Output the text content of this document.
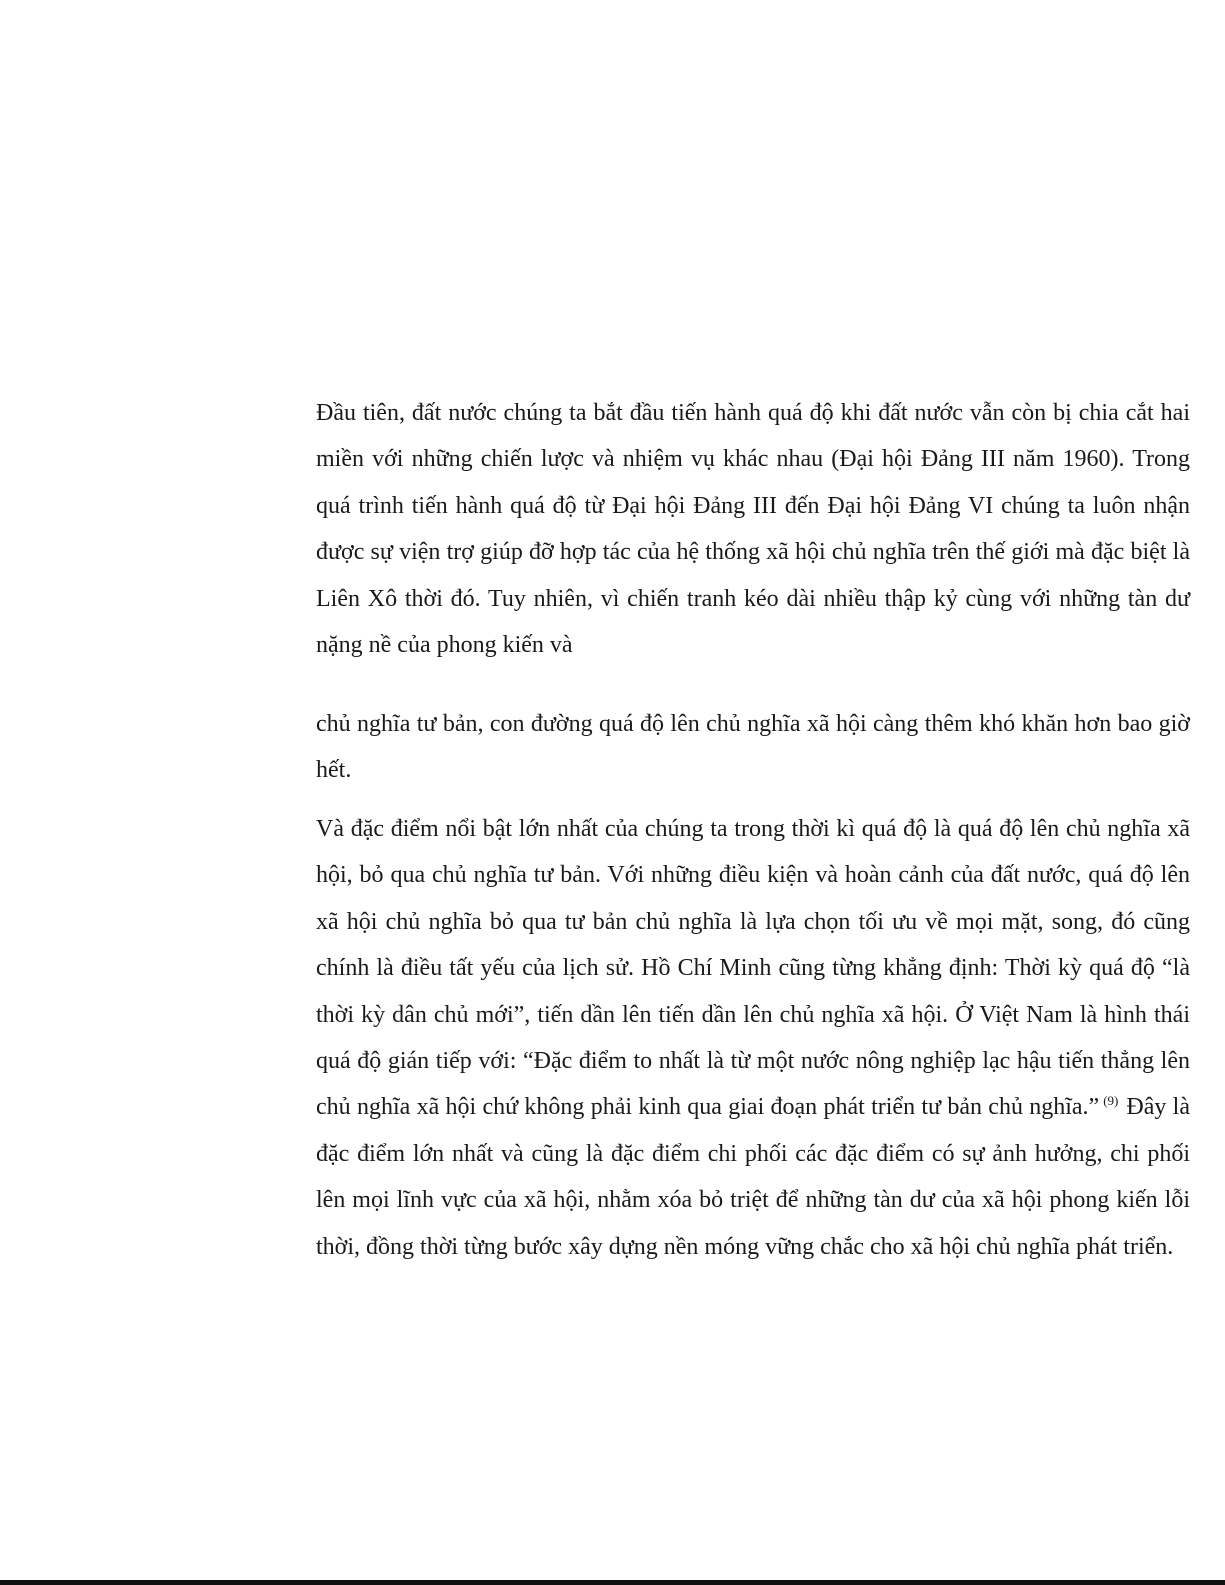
Đầu tiên, đất nước chúng ta bắt đầu tiến hành quá độ khi đất nước vẫn còn bị chia cắt hai miền với những chiến lược và nhiệm vụ khác nhau (Đại hội Đảng III năm 1960). Trong quá trình tiến hành quá độ từ Đại hội Đảng III đến Đại hội Đảng VI chúng ta luôn nhận được sự viện trợ giúp đỡ hợp tác của hệ thống xã hội chủ nghĩa trên thế giới mà đặc biệt là Liên Xô thời đó. Tuy nhiên, vì chiến tranh kéo dài nhiều thập kỷ cùng với những tàn dư nặng nề của phong kiến và

chủ nghĩa tư bản, con đường quá độ lên chủ nghĩa xã hội càng thêm khó khăn hơn bao giờ hết.

Và đặc điểm nổi bật lớn nhất của chúng ta trong thời kì quá độ là quá độ lên chủ nghĩa xã hội, bỏ qua chủ nghĩa tư bản. Với những điều kiện và hoàn cảnh của đất nước, quá độ lên xã hội chủ nghĩa bỏ qua tư bản chủ nghĩa là lựa chọn tối ưu về mọi mặt, song, đó cũng chính là điều tất yếu của lịch sử. Hồ Chí Minh cũng từng khẳng định: Thời kỳ quá độ “là thời kỳ dân chủ mới”, tiến dần lên tiến dần lên chủ nghĩa xã hội. Ở Việt Nam là hình thái quá độ gián tiếp với: “Đặc điểm to nhất là từ một nước nông nghiệp lạc hậu tiến thẳng lên chủ nghĩa xã hội chứ không phải kinh qua giai đoạn phát triển tư bản chủ nghĩa.” $^{(9)}$ Đây là đặc điểm lớn nhất và cũng là đặc điểm chi phối các đặc điểm có sự ảnh hưởng, chi phối lên mọi lĩnh vực của xã hội, nhằm xóa bỏ triệt để những tàn dư của xã hội phong kiến lỗi thời, đồng thời từng bước xây dựng nền móng vững chắc cho xã hội chủ nghĩa phát triển.
